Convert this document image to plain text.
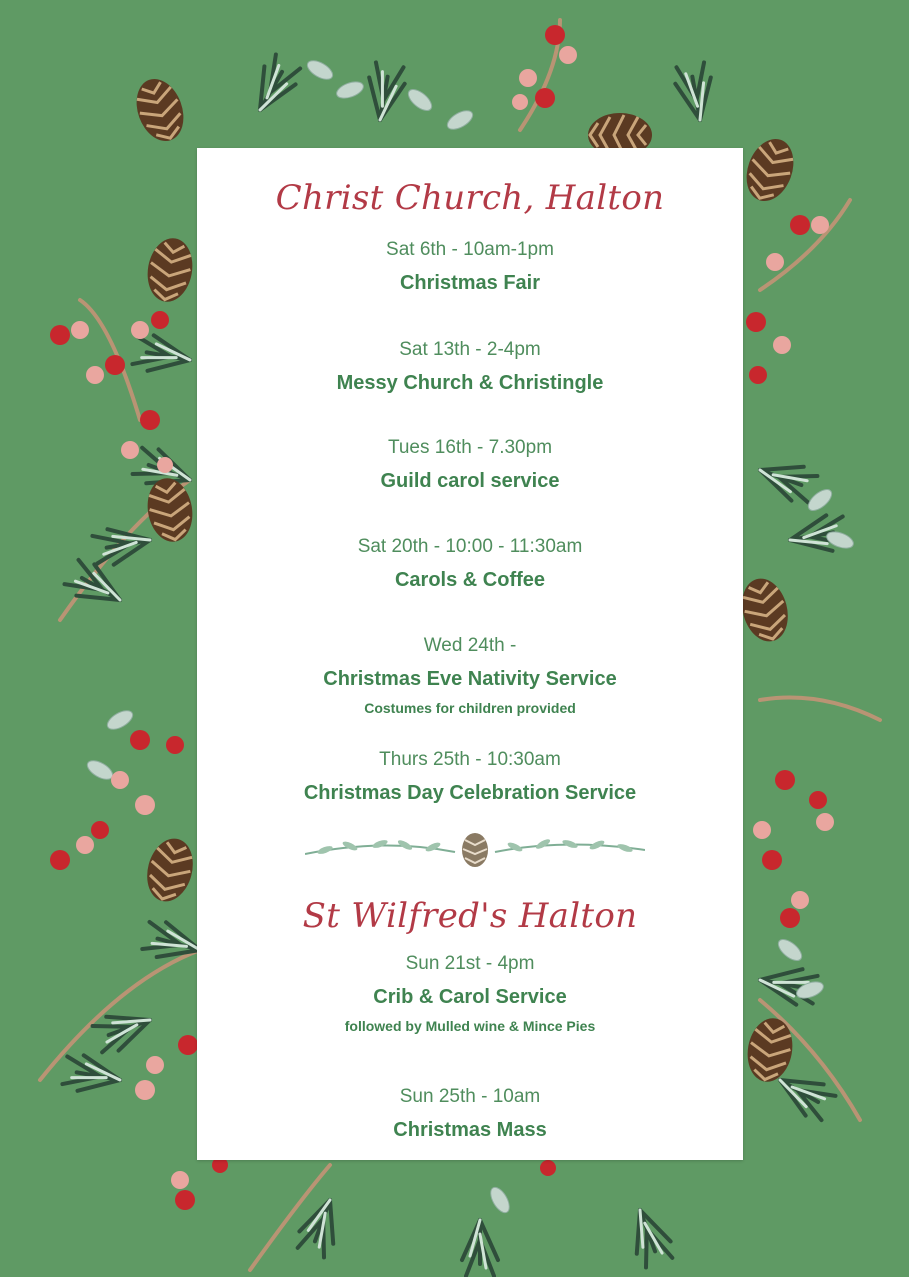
Christ Church, Halton
Sat 6th - 10am-1pm
Christmas Fair
Sat 13th - 2-4pm
Messy Church & Christingle
Tues 16th - 7.30pm
Guild carol service
Sat 20th - 10:00 - 11:30am
Carols & Coffee
Wed 24th -
Christmas Eve Nativity Service
Costumes for children provided
Thurs 25th - 10:30am
Christmas Day Celebration Service
St Wilfred's Halton
Sun 21st - 4pm
Crib & Carol Service
followed by Mulled wine & Mince Pies
Sun 25th - 10am
Christmas Mass
